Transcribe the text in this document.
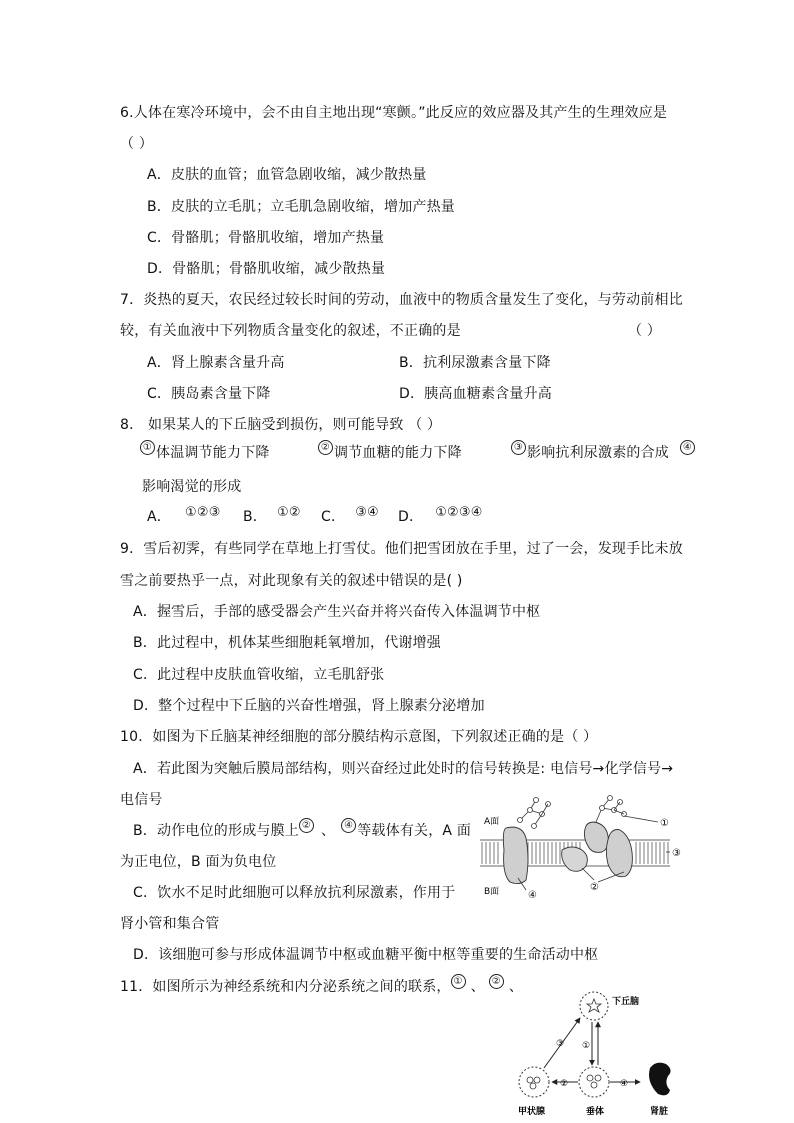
6.人体在寒冷环境中，会不由自主地出现“寒颤。”此反应的效应器及其产生的生理效应是
（ ）
A．皮肤的血管；血管急剧收缩，减少散热量
B．皮肤的立毛肌；立毛肌急剧收缩，增加产热量
C．骨骼肌；骨骼肌收缩，增加产热量
D．骨骼肌；骨骼肌收缩，减少散热量
7．炎热的夏天，农民经过较长时间的劳动，血液中的物质含量发生了变化，与劳动前相比
较，有关血液中下列物质含量变化的叙述，不正确的是	（ ）
A．肾上腺素含量升高	B．抗利尿激素含量下降
C．胰岛素含量下降	D．胰高血糖素含量升高
8． 如果某人的下丘脑受到损伤，则可能导致 （ ）
① 体温调节能力下降	② 调节血糖的能力下降	③ 影响抗利尿激素的合成 ④
影响渴觉的形成
A． ①②③ B． ①② C． ③④ D． ①②③④
9．雪后初霁，有些同学在草地上打雪仗。他们把雪团放在手里，过了一会，发现手比未放
雪之前要热乎一点，对此现象有关的叙述中错误的是( )
A．握雪后，手部的感受器会产生兴奋并将兴奋传入体温调节中枢
B．此过程中，机体某些细胞耗氧增加，代谢增强
C．此过程中皮肤血管收缩，立毛肌舒张
D．整个过程中下丘脑的兴奋性增强，肾上腺素分泌增加
10．如图为下丘脑某神经细胞的部分膜结构示意图，下列叙述正确的是（ ）
A．若此图为突触后膜局部结构，则兴奋经过此处时的信号转换是: 电信号→化学信号→
电信号
B．动作电位的形成与膜上 ② 、 ④ 等载体有关，A 面
为正电位，B 面为负电位
C．饮水不足时此细胞可以释放抗利尿激素，作用于
肾小管和集合管
D．该细胞可参与形成体温调节中枢或血糖平衡中枢等重要的生命活动中枢
A面
B面
①
②
③
④
11．如图所示为神经系统和内分泌系统之间的联系， ① 、 ② 、
下丘脑
甲状腺	垂体	肾脏
①
②
③
④
